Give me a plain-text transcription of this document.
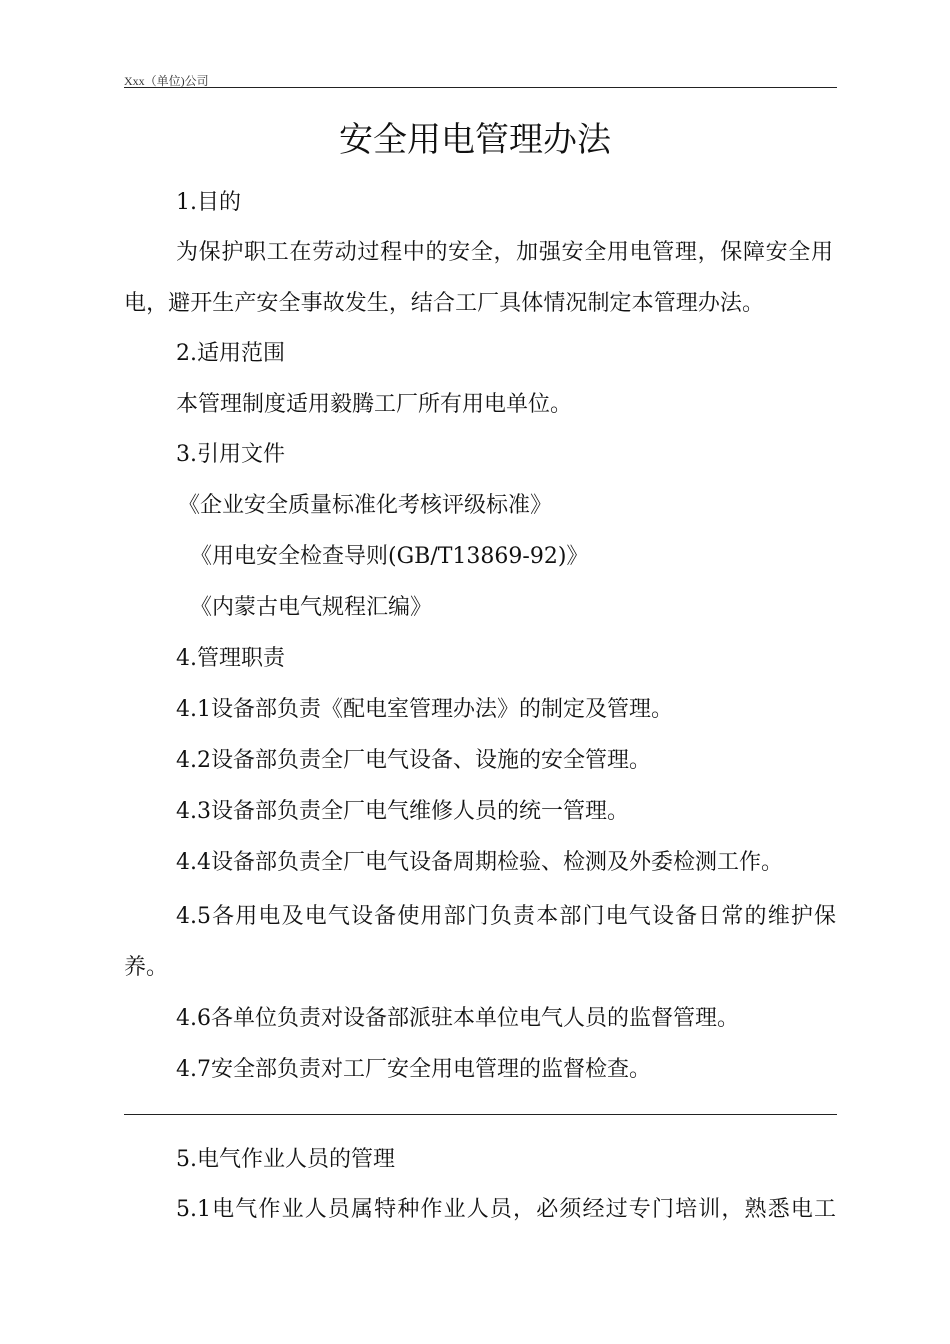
Xxx（单位)公司
安全用电管理办法
1.目的
为保护职工在劳动过程中的安全，加强安全用电管理，保障安全用
电，避开生产安全事故发生，结合工厂具体情况制定本管理办法。
2.适用范围
本管理制度适用毅腾工厂所有用电单位。
3.引用文件
《企业安全质量标准化考核评级标准》
《用电安全检查导则(GB/T13869-92)》
《内蒙古电气规程汇编》
4.管理职责
4.1设备部负责《配电室管理办法》的制定及管理。
4.2设备部负责全厂电气设备、设施的安全管理。
4.3设备部负责全厂电气维修人员的统一管理。
4.4设备部负责全厂电气设备周期检验、检测及外委检测工作。
4.5各用电及电气设备使用部门负责本部门电气设备日常的维护保
养。
4.6各单位负责对设备部派驻本单位电气人员的监督管理。
4.7安全部负责对工厂安全用电管理的监督检查。
5.电气作业人员的管理
5.1电气作业人员属特种作业人员，必须经过专门培训，熟悉电工
